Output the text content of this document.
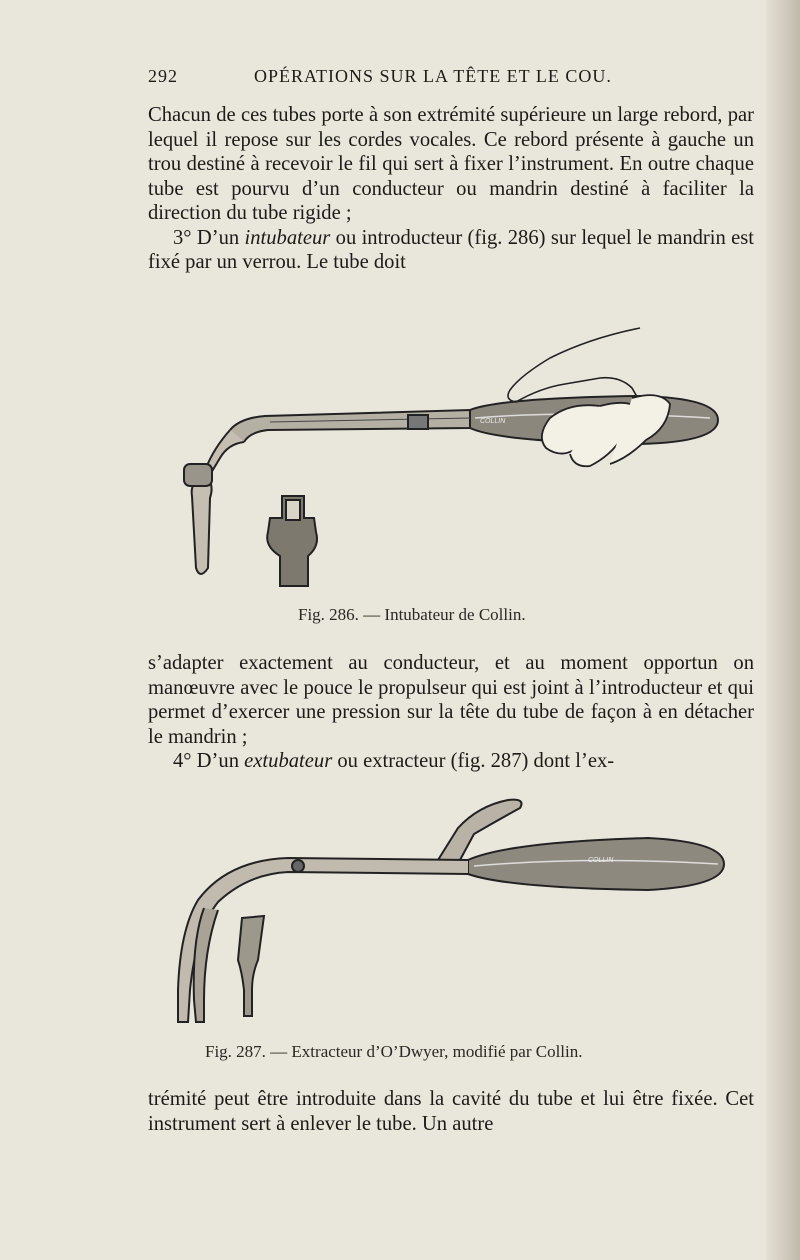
292	OPÉRATIONS SUR LA TÊTE ET LE COU.

Chacun de ces tubes porte à son extrémité supérieure un large rebord, par lequel il repose sur les cordes vocales. Ce rebord présente à gauche un trou destiné à recevoir le fil qui sert à fixer l’instrument. En outre chaque tube est pourvu d’un conducteur ou mandrin destiné à faciliter la direction du tube rigide ;

3° D’un intubateur ou introducteur (fig. 286) sur lequel le mandrin est fixé par un verrou. Le tube doit

COLLIN
Fig. 286. — Intubateur de Collin.

s’adapter exactement au conducteur, et au moment opportun on manœuvre avec le pouce le propulseur qui est joint à l’introducteur et qui permet d’exercer une pression sur la tête du tube de façon à en détacher le mandrin ;

4° D’un extubateur ou extracteur (fig. 287) dont l’ex-

COLLIN
Fig. 287. — Extracteur d’O’Dwyer, modifié par Collin.

trémité peut être introduite dans la cavité du tube et lui être fixée. Cet instrument sert à enlever le tube. Un autre
